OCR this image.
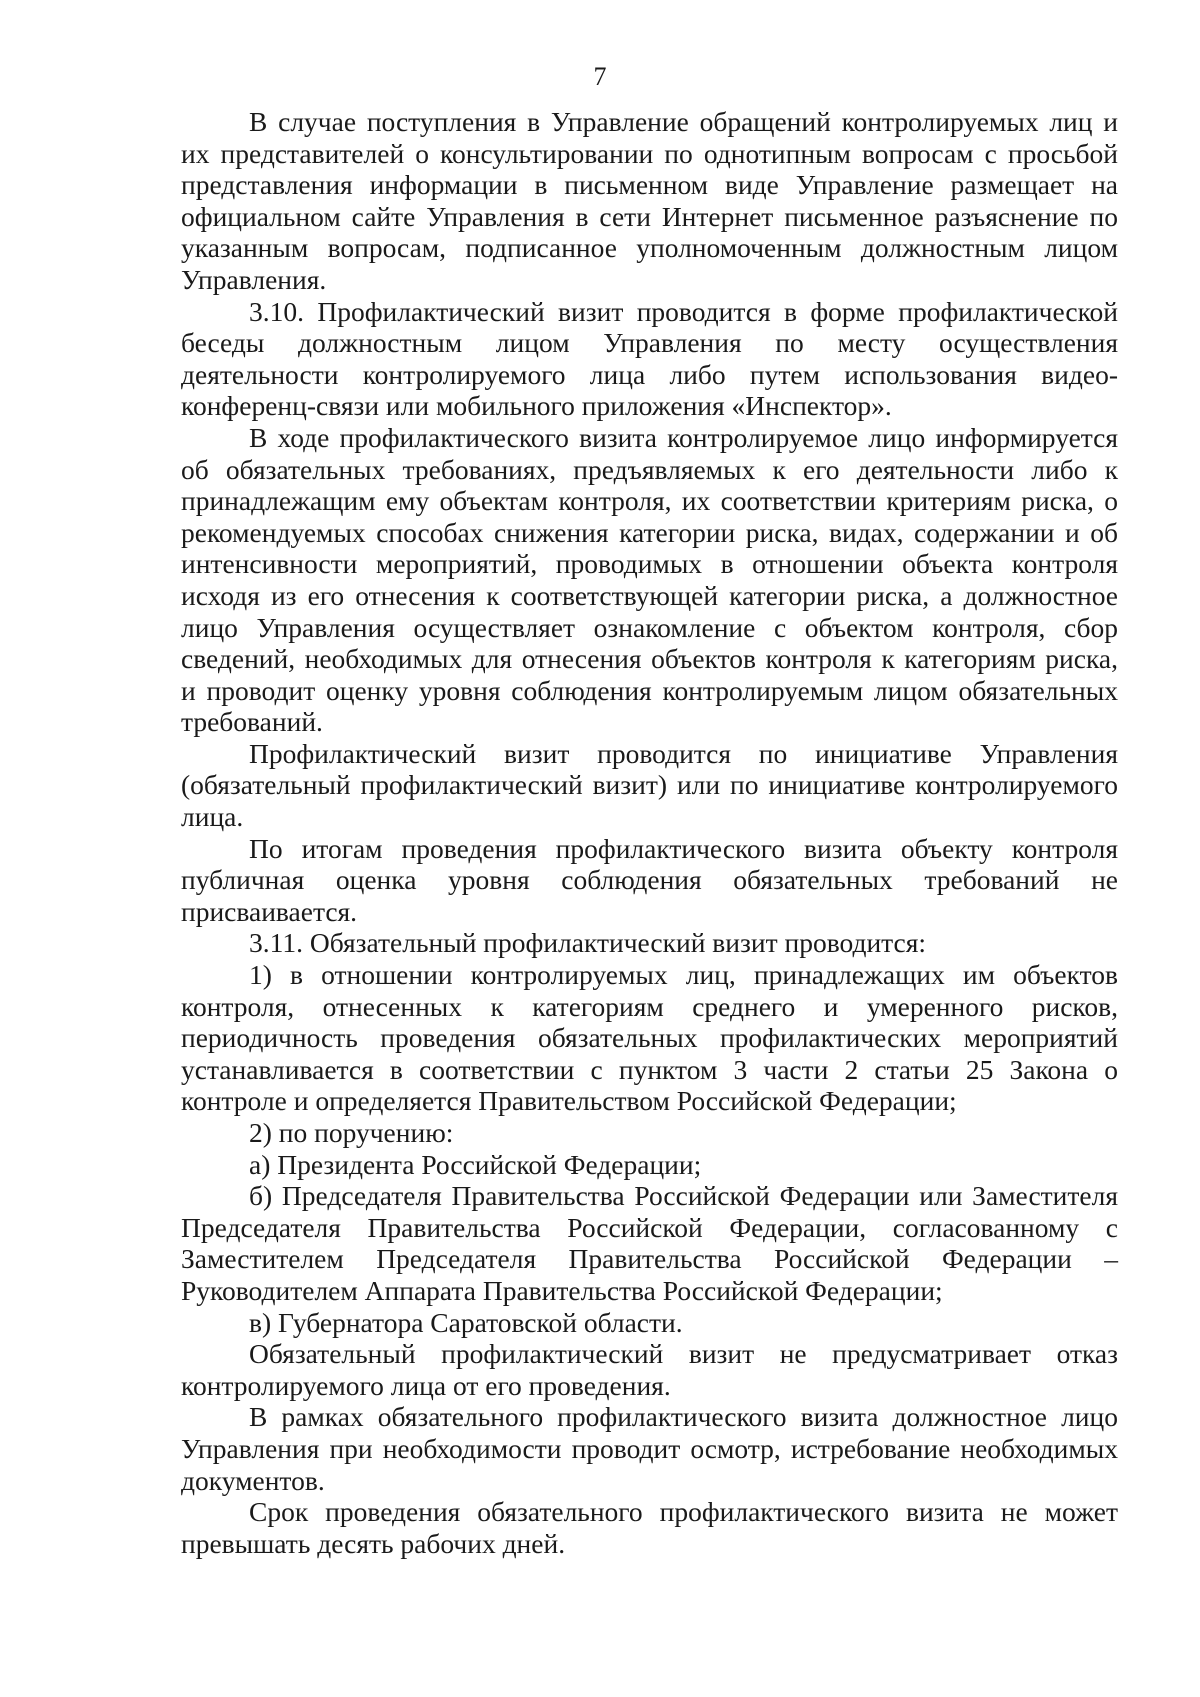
7

В случае поступления в Управление обращений контролируемых лиц и их представителей о консультировании по однотипным вопросам с просьбой представления информации в письменном виде Управление размещает на официальном сайте Управления в сети Интернет письменное разъяснение по указанным вопросам, подписанное уполномоченным должностным лицом Управления.

3.10. Профилактический визит проводится в форме профилактической беседы должностным лицом Управления по месту осуществления деятельности контролируемого лица либо путем использования видео-конференц-связи или мобильного приложения «Инспектор».

В ходе профилактического визита контролируемое лицо информируется об обязательных требованиях, предъявляемых к его деятельности либо к принадлежащим ему объектам контроля, их соответствии критериям риска, о рекомендуемых способах снижения категории риска, видах, содержании и об интенсивности мероприятий, проводимых в отношении объекта контроля исходя из его отнесения к соответствующей категории риска, а должностное лицо Управления осуществляет ознакомление с объектом контроля, сбор сведений, необходимых для отнесения объектов контроля к категориям риска, и проводит оценку уровня соблюдения контролируемым лицом обязательных требований.

Профилактический визит проводится по инициативе Управления (обязательный профилактический визит) или по инициативе контролируемого лица.

По итогам проведения профилактического визита объекту контроля публичная оценка уровня соблюдения обязательных требований не присваивается.

3.11. Обязательный профилактический визит проводится:

1) в отношении контролируемых лиц, принадлежащих им объектов контроля, отнесенных к категориям среднего и умеренного рисков, периодичность проведения обязательных профилактических мероприятий устанавливается в соответствии с пунктом 3 части 2 статьи 25 Закона о контроле и определяется Правительством Российской Федерации;

2) по поручению:

а) Президента Российской Федерации;

б) Председателя Правительства Российской Федерации или Заместителя Председателя Правительства Российской Федерации, согласованному с Заместителем Председателя Правительства Российской Федерации – Руководителем Аппарата Правительства Российской Федерации;

в) Губернатора Саратовской области.

Обязательный профилактический визит не предусматривает отказ контролируемого лица от его проведения.

В рамках обязательного профилактического визита должностное лицо Управления при необходимости проводит осмотр, истребование необходимых документов.

Срок проведения обязательного профилактического визита не может превышать десять рабочих дней.
